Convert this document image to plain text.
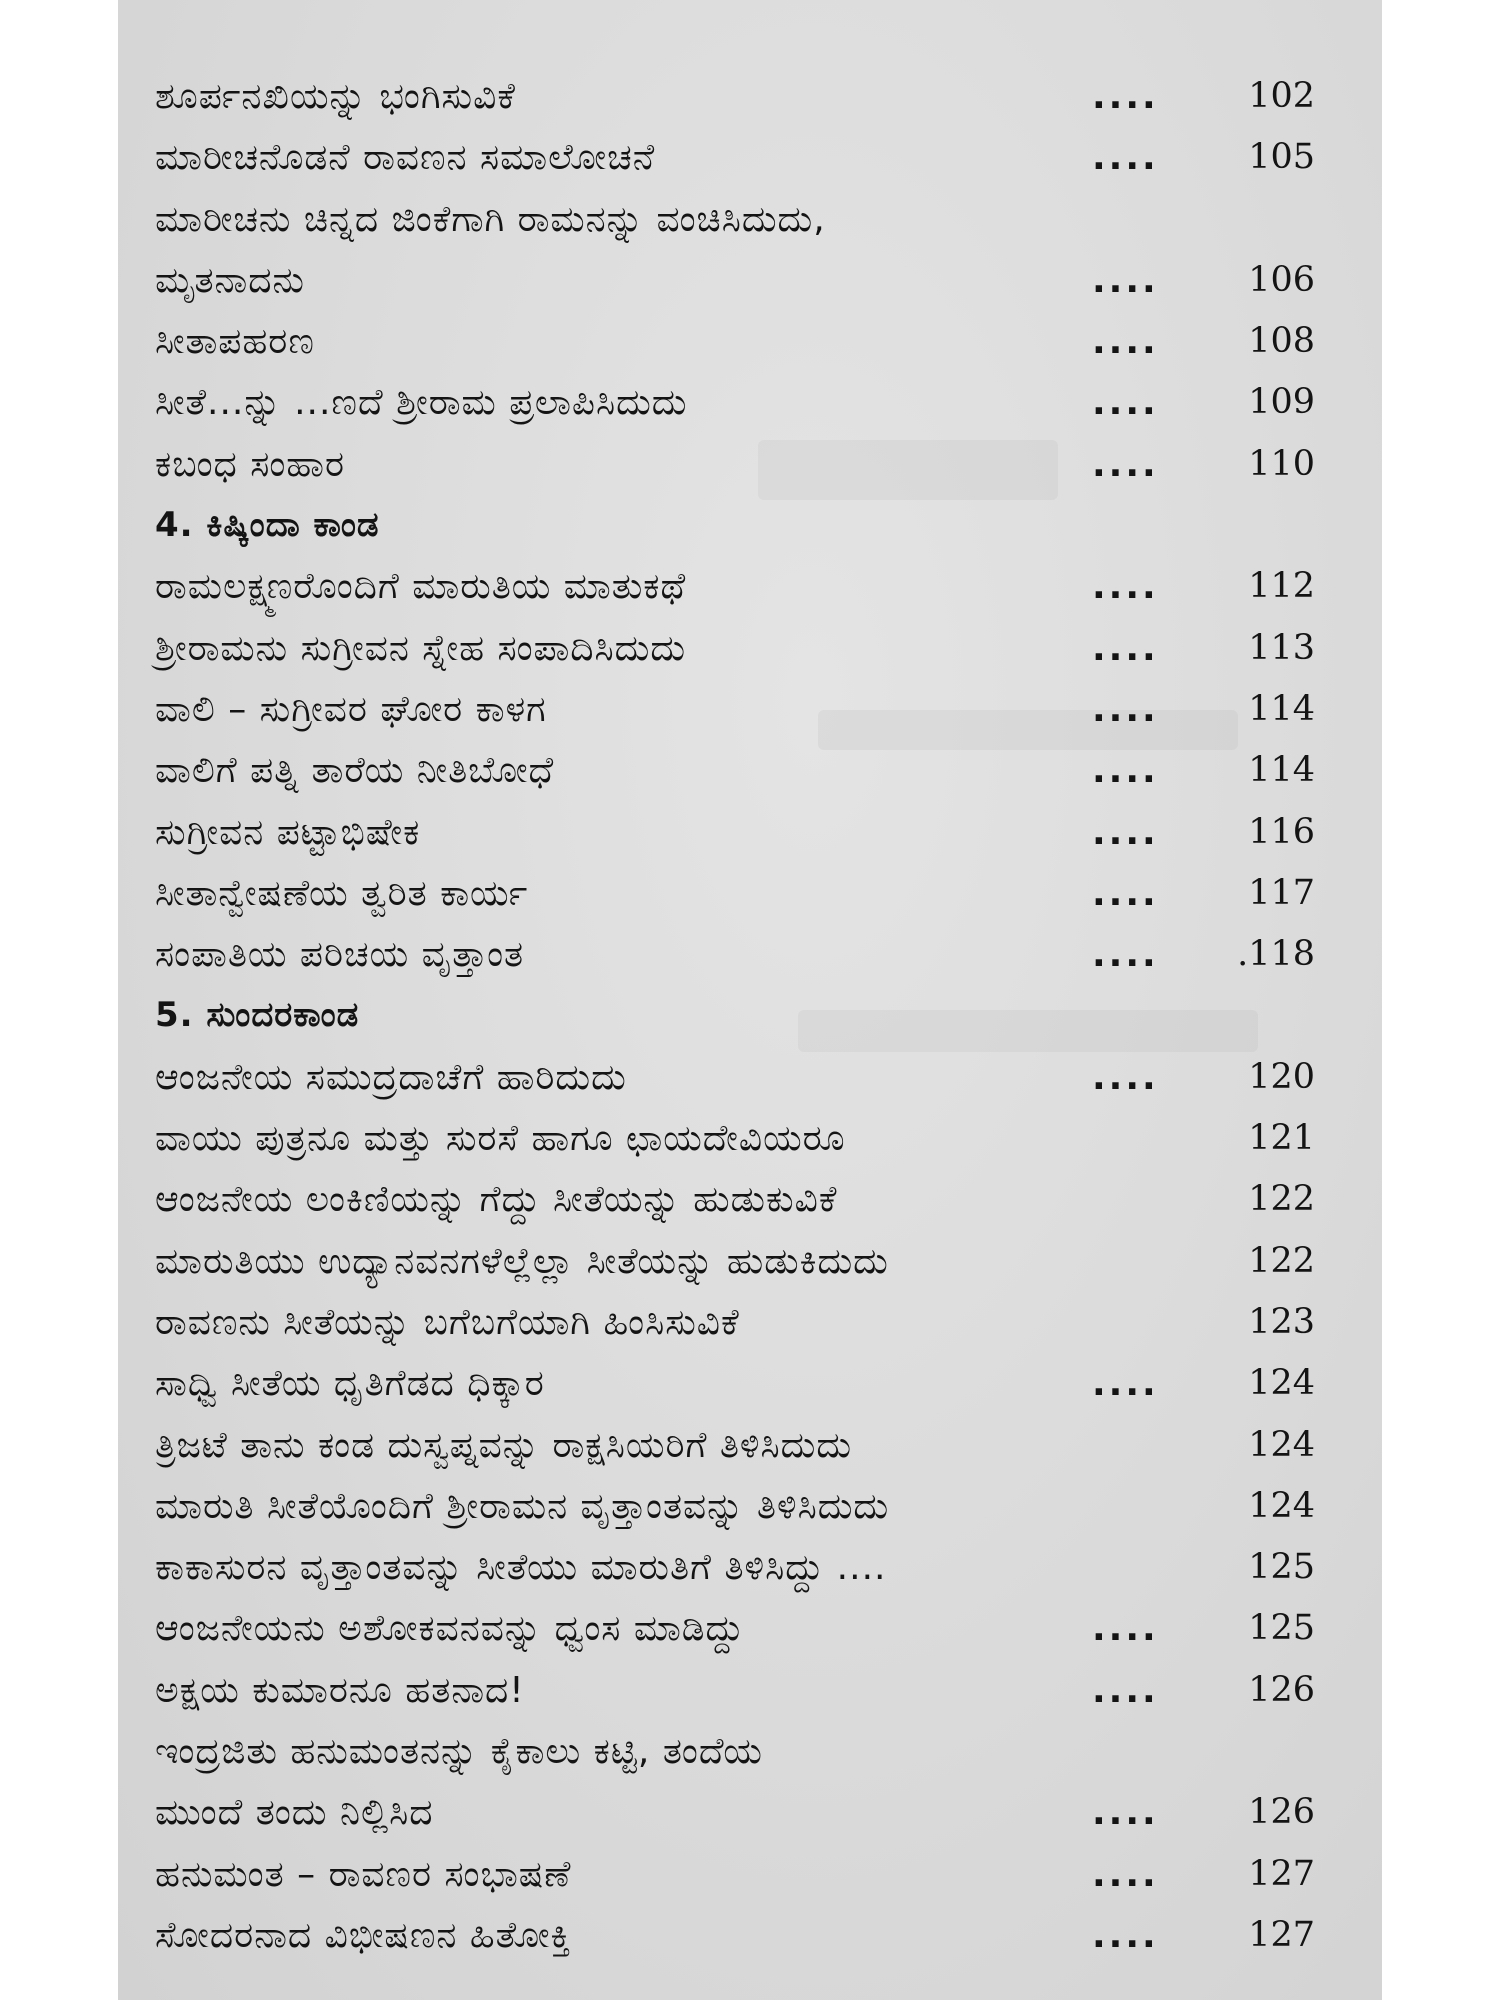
ಶೂರ್ಪನಖಿಯನ್ನು ಭಂಗಿಸುವಿಕೆ	....	102
ಮಾರೀಚನೊಡನೆ ರಾವಣನ ಸಮಾಲೋಚನೆ	....	105
ಮಾರೀಚನು ಚಿನ್ನದ ಜಿಂಕೆಗಾಗಿ ರಾಮನನ್ನು ವಂಚಿಸಿದುದು,
ಮೃತನಾದನು	....	106
ಸೀತಾಪಹರಣ	....	108
ಸೀತೆ...ನ್ನು ...ಣದೆ ಶ್ರೀರಾಮ ಪ್ರಲಾಪಿಸಿದುದು	....	109
ಕಬಂಧ ಸಂಹಾರ	....	110
4. ಕಿಷ್ಕಿಂದಾ ಕಾಂಡ
ರಾಮಲಕ್ಷ್ಮಣರೊಂದಿಗೆ ಮಾರುತಿಯ ಮಾತುಕಥೆ	....	112
ಶ್ರೀರಾಮನು ಸುಗ್ರೀವನ ಸ್ನೇಹ ಸಂಪಾದಿಸಿದುದು	....	113
ವಾಲಿ – ಸುಗ್ರೀವರ ಘೋರ ಕಾಳಗ	....	114
ವಾಲಿಗೆ ಪತ್ನಿ ತಾರೆಯ ನೀತಿಬೋಧೆ	....	114
ಸುಗ್ರೀವನ ಪಟ್ಟಾಭಿಷೇಕ	....	116
ಸೀತಾನ್ವೇಷಣೆಯ ತ್ವರಿತ ಕಾರ್ಯ	....	117
ಸಂಪಾತಿಯ ಪರಿಚಯ ವೃತ್ತಾಂತ	....	.118
5. ಸುಂದರಕಾಂಡ
ಆಂಜನೇಯ ಸಮುದ್ರದಾಚೆಗೆ ಹಾರಿದುದು	....	120
ವಾಯು ಪುತ್ರನೂ ಮತ್ತು ಸುರಸೆ ಹಾಗೂ ಛಾಯದೇವಿಯರೂ	121
ಆಂಜನೇಯ ಲಂಕಿಣಿಯನ್ನು ಗೆದ್ದು ಸೀತೆಯನ್ನು ಹುಡುಕುವಿಕೆ	122
ಮಾರುತಿಯು ಉದ್ಯಾನವನಗಳೆಲ್ಲೆಲ್ಲಾ ಸೀತೆಯನ್ನು ಹುಡುಕಿದುದು	122
ರಾವಣನು ಸೀತೆಯನ್ನು ಬಗೆಬಗೆಯಾಗಿ ಹಿಂಸಿಸುವಿಕೆ	123
ಸಾಧ್ವಿ ಸೀತೆಯ ಧೃತಿಗೆಡದ ಧಿಕ್ಕಾರ	....	124
ತ್ರಿಜಟೆ ತಾನು ಕಂಡ ದುಸ್ವಪ್ನವನ್ನು ರಾಕ್ಷಸಿಯರಿಗೆ ತಿಳಿಸಿದುದು	124
ಮಾರುತಿ ಸೀತೆಯೊಂದಿಗೆ ಶ್ರೀರಾಮನ ವೃತ್ತಾಂತವನ್ನು ತಿಳಿಸಿದುದು	124
ಕಾಕಾಸುರನ ವೃತ್ತಾಂತವನ್ನು ಸೀತೆಯು ಮಾರುತಿಗೆ ತಿಳಿಸಿದ್ದು ....	125
ಆಂಜನೇಯನು ಅಶೋಕವನವನ್ನು ಧ್ವಂಸ ಮಾಡಿದ್ದು	....	125
ಅಕ್ಷಯ ಕುಮಾರನೂ ಹತನಾದ!	....	126
ಇಂದ್ರಜಿತು ಹನುಮಂತನನ್ನು ಕೈಕಾಲು ಕಟ್ಟಿ, ತಂದೆಯ
ಮುಂದೆ ತಂದು ನಿಲ್ಲಿಸಿದ	....	126
ಹನುಮಂತ – ರಾವಣರ ಸಂಭಾಷಣೆ	....	127
ಸೋದರನಾದ ವಿಭೀಷಣನ ಹಿತೋಕ್ತಿ	....	127
